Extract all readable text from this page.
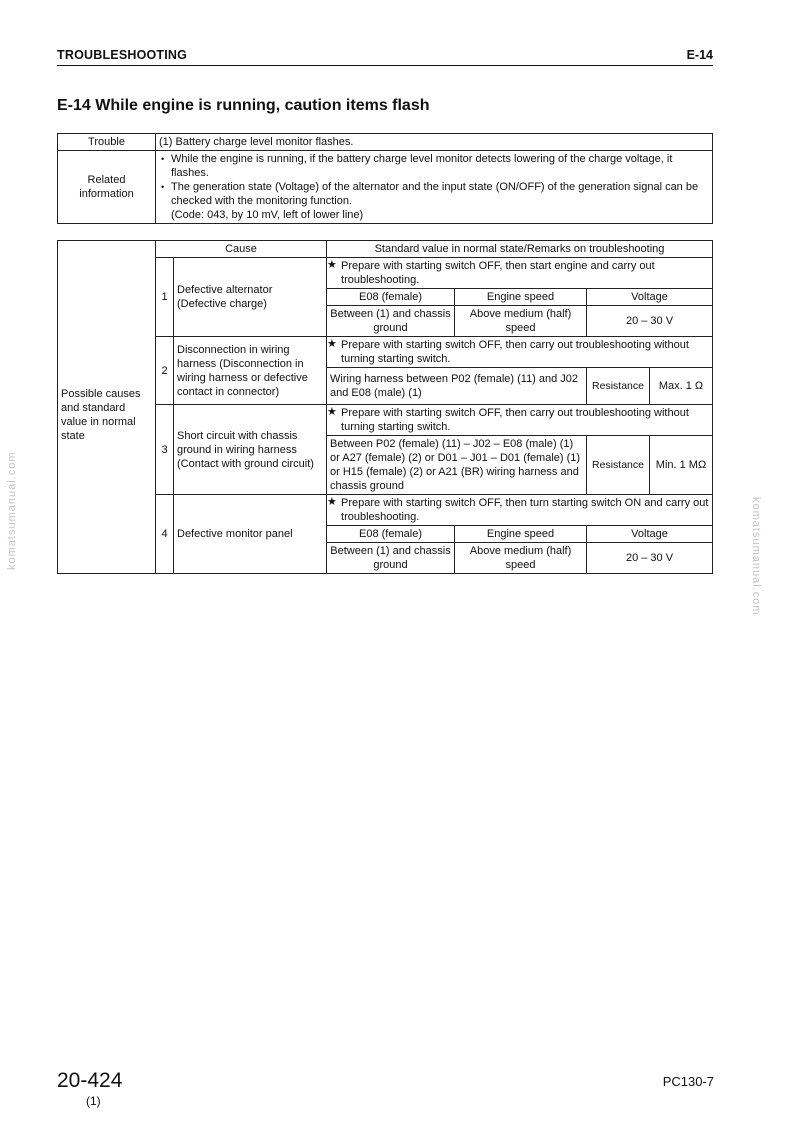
TROUBLESHOOTING	E-14
E-14 While engine is running, caution items flash
Trouble	(1) Battery charge level monitor flashes.
Related information	• While the engine is running, if the battery charge level monitor detects lowering of the charge voltage, it flashes.
• The generation state (Voltage) of the alternator and the input state (ON/OFF) of the generation signal can be checked with the monitoring function.
(Code: 043, by 10 mV, left of lower line)
Possible causes and standard value in normal state	Cause		Standard value in normal state/Remarks on troubleshooting			
	1	Defective alternator (Defective charge)	★ Prepare with starting switch OFF, then start engine and carry out troubleshooting.
			E08 (female)	Engine speed	Voltage	
			Between (1) and chassis ground	Above medium (half) speed	20 – 30 V	
	2	Disconnection in wiring harness (Disconnection in wiring harness or defective contact in connector)	★ Prepare with starting switch OFF, then carry out troubleshooting without turning starting switch.
			Wiring harness between P02 (female) (11) and J02 and E08 (male) (1)		Resistance	Max. 1 Ω
	3	Short circuit with chassis ground in wiring harness (Contact with ground circuit)	★ Prepare with starting switch OFF, then carry out troubleshooting without turning starting switch.
			Between P02 (female) (11) – J02 – E08 (male) (1) or A27 (female) (2) or D01 – J01 – D01 (female) (1) or H15 (female) (2) or A21 (BR) wiring harness and chassis ground		Resistance	Min. 1 MΩ
	4	Defective monitor panel	★ Prepare with starting switch OFF, then turn starting switch ON and carry out troubleshooting.
			E08 (female)	Engine speed	Voltage	
			Between (1) and chassis ground	Above medium (half) speed	20 – 30 V	
komatsumanual.com	komatsumanual.com
20-424
(1)
PC130-7
